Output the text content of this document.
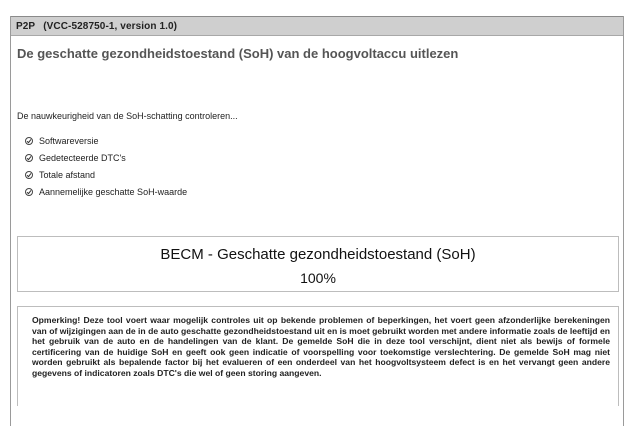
P2P (VCC-528750-1, version 1.0)
De geschatte gezondheidstoestand (SoH) van de hoogvoltaccu uitlezen
De nauwkeurigheid van de SoH-schatting controleren...
Softwareversie
Gedetecteerde DTC's
Totale afstand
Aannemelijke geschatte SoH-waarde
BECM - Geschatte gezondheidstoestand (SoH)
100%
Opmerking! Deze tool voert waar mogelijk controles uit op bekende problemen of beperkingen, het voert geen afzonderlijke berekeningen van of wijzigingen aan de in de auto geschatte gezondheidstoestand uit en is moet gebruikt worden met andere informatie zoals de leeftijd en het gebruik van de auto en de handelingen van de klant. De gemelde SoH die in deze tool verschijnt, dient niet als bewijs of formele certificering van de huidige SoH en geeft ook geen indicatie of voorspelling voor toekomstige verslechtering. De gemelde SoH mag niet worden gebruikt als bepalende factor bij het evalueren of een onderdeel van het hoogvoltsysteem defect is en het vervangt geen andere gegevens of indicatoren zoals DTC's die wel of geen storing aangeven.
